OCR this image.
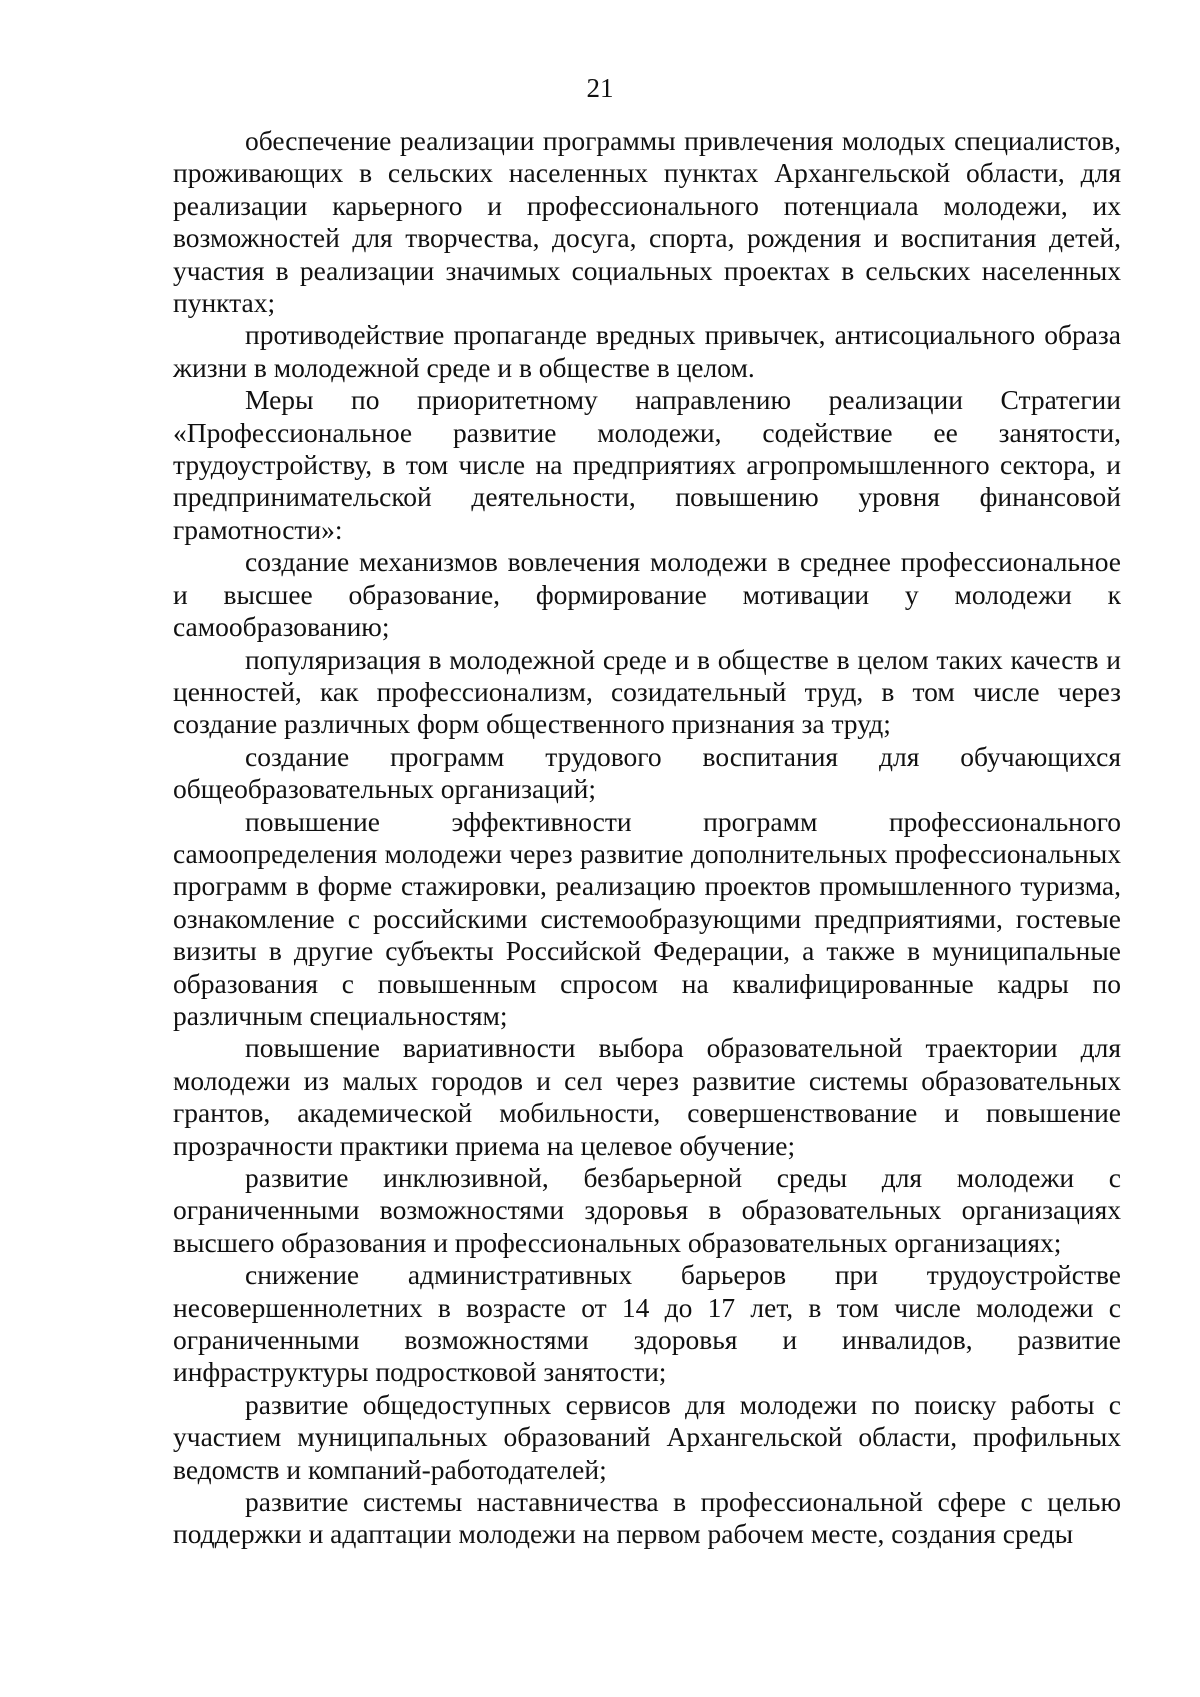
21

обеспечение реализации программы привлечения молодых специалистов, проживающих в сельских населенных пунктах Архангельской области, для реализации карьерного и профессионального потенциала молодежи, их возможностей для творчества, досуга, спорта, рождения и воспитания детей, участия в реализации значимых социальных проектах в сельских населенных пунктах;

противодействие пропаганде вредных привычек, антисоциального образа жизни в молодежной среде и в обществе в целом.

Меры по приоритетному направлению реализации Стратегии «Профессиональное развитие молодежи, содействие ее занятости, трудоустройству, в том числе на предприятиях агропромышленного сектора, и предпринимательской деятельности, повышению уровня финансовой грамотности»:

создание механизмов вовлечения молодежи в среднее профессиональное и высшее образование, формирование мотивации у молодежи к самообразованию;

популяризация в молодежной среде и в обществе в целом таких качеств и ценностей, как профессионализм, созидательный труд, в том числе через создание различных форм общественного признания за труд;

создание программ трудового воспитания для обучающихся общеобразовательных организаций;

повышение эффективности программ профессионального самоопределения молодежи через развитие дополнительных профессиональных программ в форме стажировки, реализацию проектов промышленного туризма, ознакомление с российскими системообразующими предприятиями, гостевые визиты в другие субъекты Российской Федерации, а также в муниципальные образования с повышенным спросом на квалифицированные кадры по различным специальностям;

повышение вариативности выбора образовательной траектории для молодежи из малых городов и сел через развитие системы образовательных грантов, академической мобильности, совершенствование и повышение прозрачности практики приема на целевое обучение;

развитие инклюзивной, безбарьерной среды для молодежи с ограниченными возможностями здоровья в образовательных организациях высшего образования и профессиональных образовательных организациях;

снижение административных барьеров при трудоустройстве несовершеннолетних в возрасте от 14 до 17 лет, в том числе молодежи с ограниченными возможностями здоровья и инвалидов, развитие инфраструктуры подростковой занятости;

развитие общедоступных сервисов для молодежи по поиску работы с участием муниципальных образований Архангельской области, профильных ведомств и компаний-работодателей;

развитие системы наставничества в профессиональной сфере с целью поддержки и адаптации молодежи на первом рабочем месте, создания среды
